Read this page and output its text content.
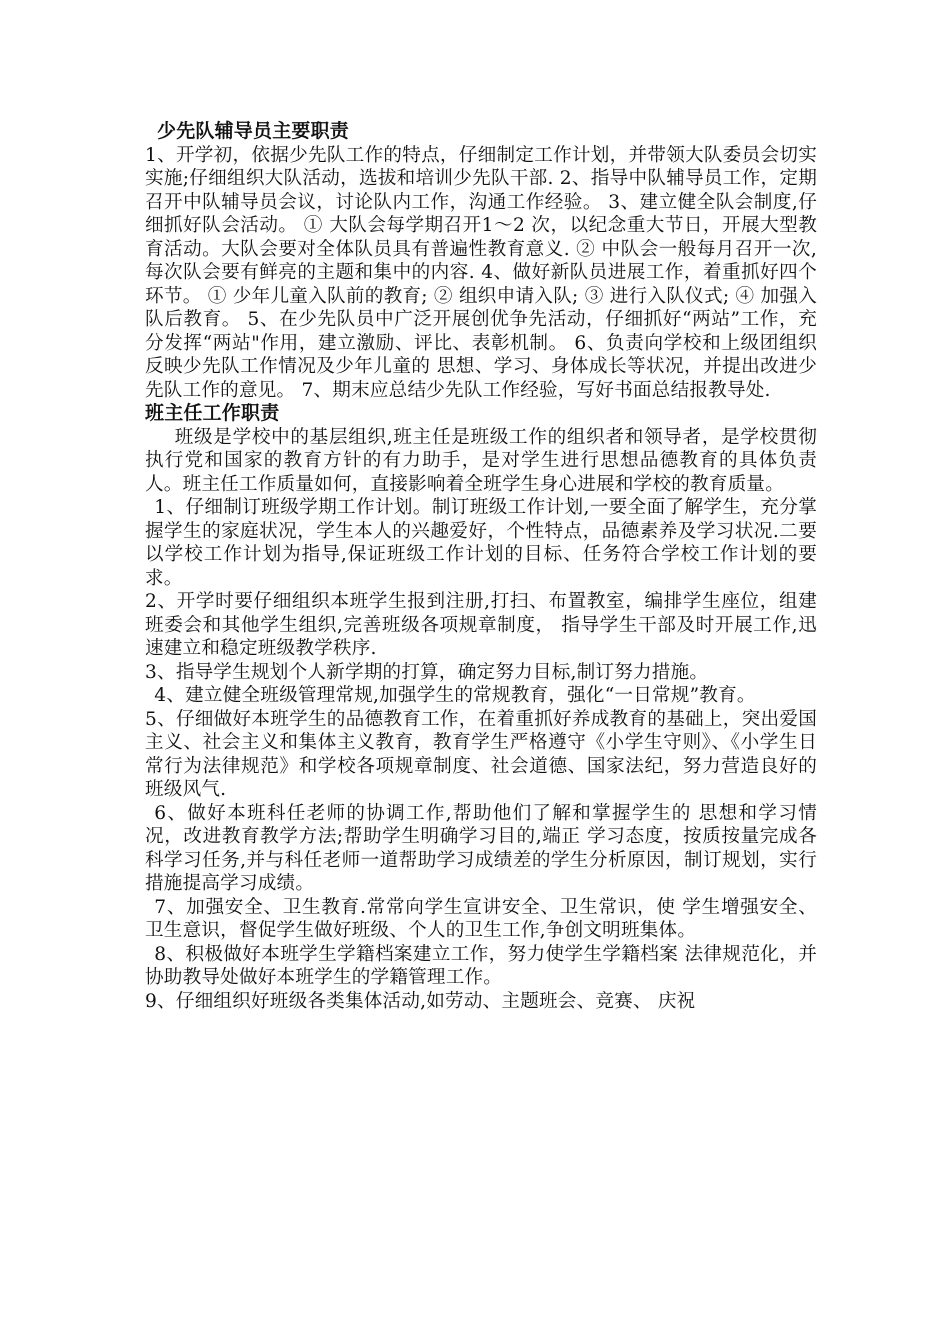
少先队辅导员主要职责

1、开学初，依据少先队工作的特点，仔细制定工作计划，并带领大队委员会切实实施;仔细组织大队活动，选拔和培训少先队干部. 2、指导中队辅导员工作，定期召开中队辅导员会议，讨论队内工作，沟通工作经验。 3、建立健全队会制度,仔细抓好队会活动。 ① 大队会每学期召开1～2 次，以纪念重大节日，开展大型教育活动。大队会要对全体队员具有普遍性教育意义. ② 中队会一般每月召开一次,每次队会要有鲜亮的主题和集中的内容. 4、做好新队员进展工作，着重抓好四个环节。 ① 少年儿童入队前的教育; ② 组织申请入队; ③ 进行入队仪式; ④ 加强入队后教育。 5、在少先队员中广泛开展创优争先活动，仔细抓好“两站”工作，充分发挥“两站"作用，建立激励、评比、表彰机制。 6、负责向学校和上级团组织反映少先队工作情况及少年儿童的 思想、学习、身体成长等状况，并提出改进少先队工作的意见。 7、期末应总结少先队工作经验，写好书面总结报教导处.

班主任工作职责

班级是学校中的基层组织,班主任是班级工作的组织者和领导者，是学校贯彻执行党和国家的教育方针的有力助手，是对学生进行思想品德教育的具体负责人。班主任工作质量如何，直接影响着全班学生身心进展和学校的教育质量。

1、仔细制订班级学期工作计划。制订班级工作计划,一要全面了解学生，充分掌握学生的家庭状况，学生本人的兴趣爱好，个性特点，品德素养及学习状况.二要以学校工作计划为指导,保证班级工作计划的目标、任务符合学校工作计划的要求。

2、开学时要仔细组织本班学生报到注册,打扫、布置教室，编排学生座位，组建班委会和其他学生组织,完善班级各项规章制度， 指导学生干部及时开展工作,迅速建立和稳定班级教学秩序.

3、指导学生规划个人新学期的打算，确定努力目标,制订努力措施。

4、建立健全班级管理常规,加强学生的常规教育，强化“一日常规”教育。

5、仔细做好本班学生的品德教育工作，在着重抓好养成教育的基础上，突出爱国主义、社会主义和集体主义教育，教育学生严格遵守《小学生守则》、《小学生日常行为法律规范》和学校各项规章制度、社会道德、国家法纪，努力营造良好的班级风气.

6、做好本班科任老师的协调工作,帮助他们了解和掌握学生的 思想和学习情况，改进教育教学方法;帮助学生明确学习目的,端正 学习态度，按质按量完成各科学习任务,并与科任老师一道帮助学习成绩差的学生分析原因，制订规划，实行措施提高学习成绩。

7、加强安全、卫生教育.常常向学生宣讲安全、卫生常识，使 学生增强安全、卫生意识，督促学生做好班级、个人的卫生工作,争创文明班集体。

8、积极做好本班学生学籍档案建立工作，努力使学生学籍档案 法律规范化，并协助教导处做好本班学生的学籍管理工作。

9、仔细组织好班级各类集体活动,如劳动、主题班会、竞赛、 庆祝
